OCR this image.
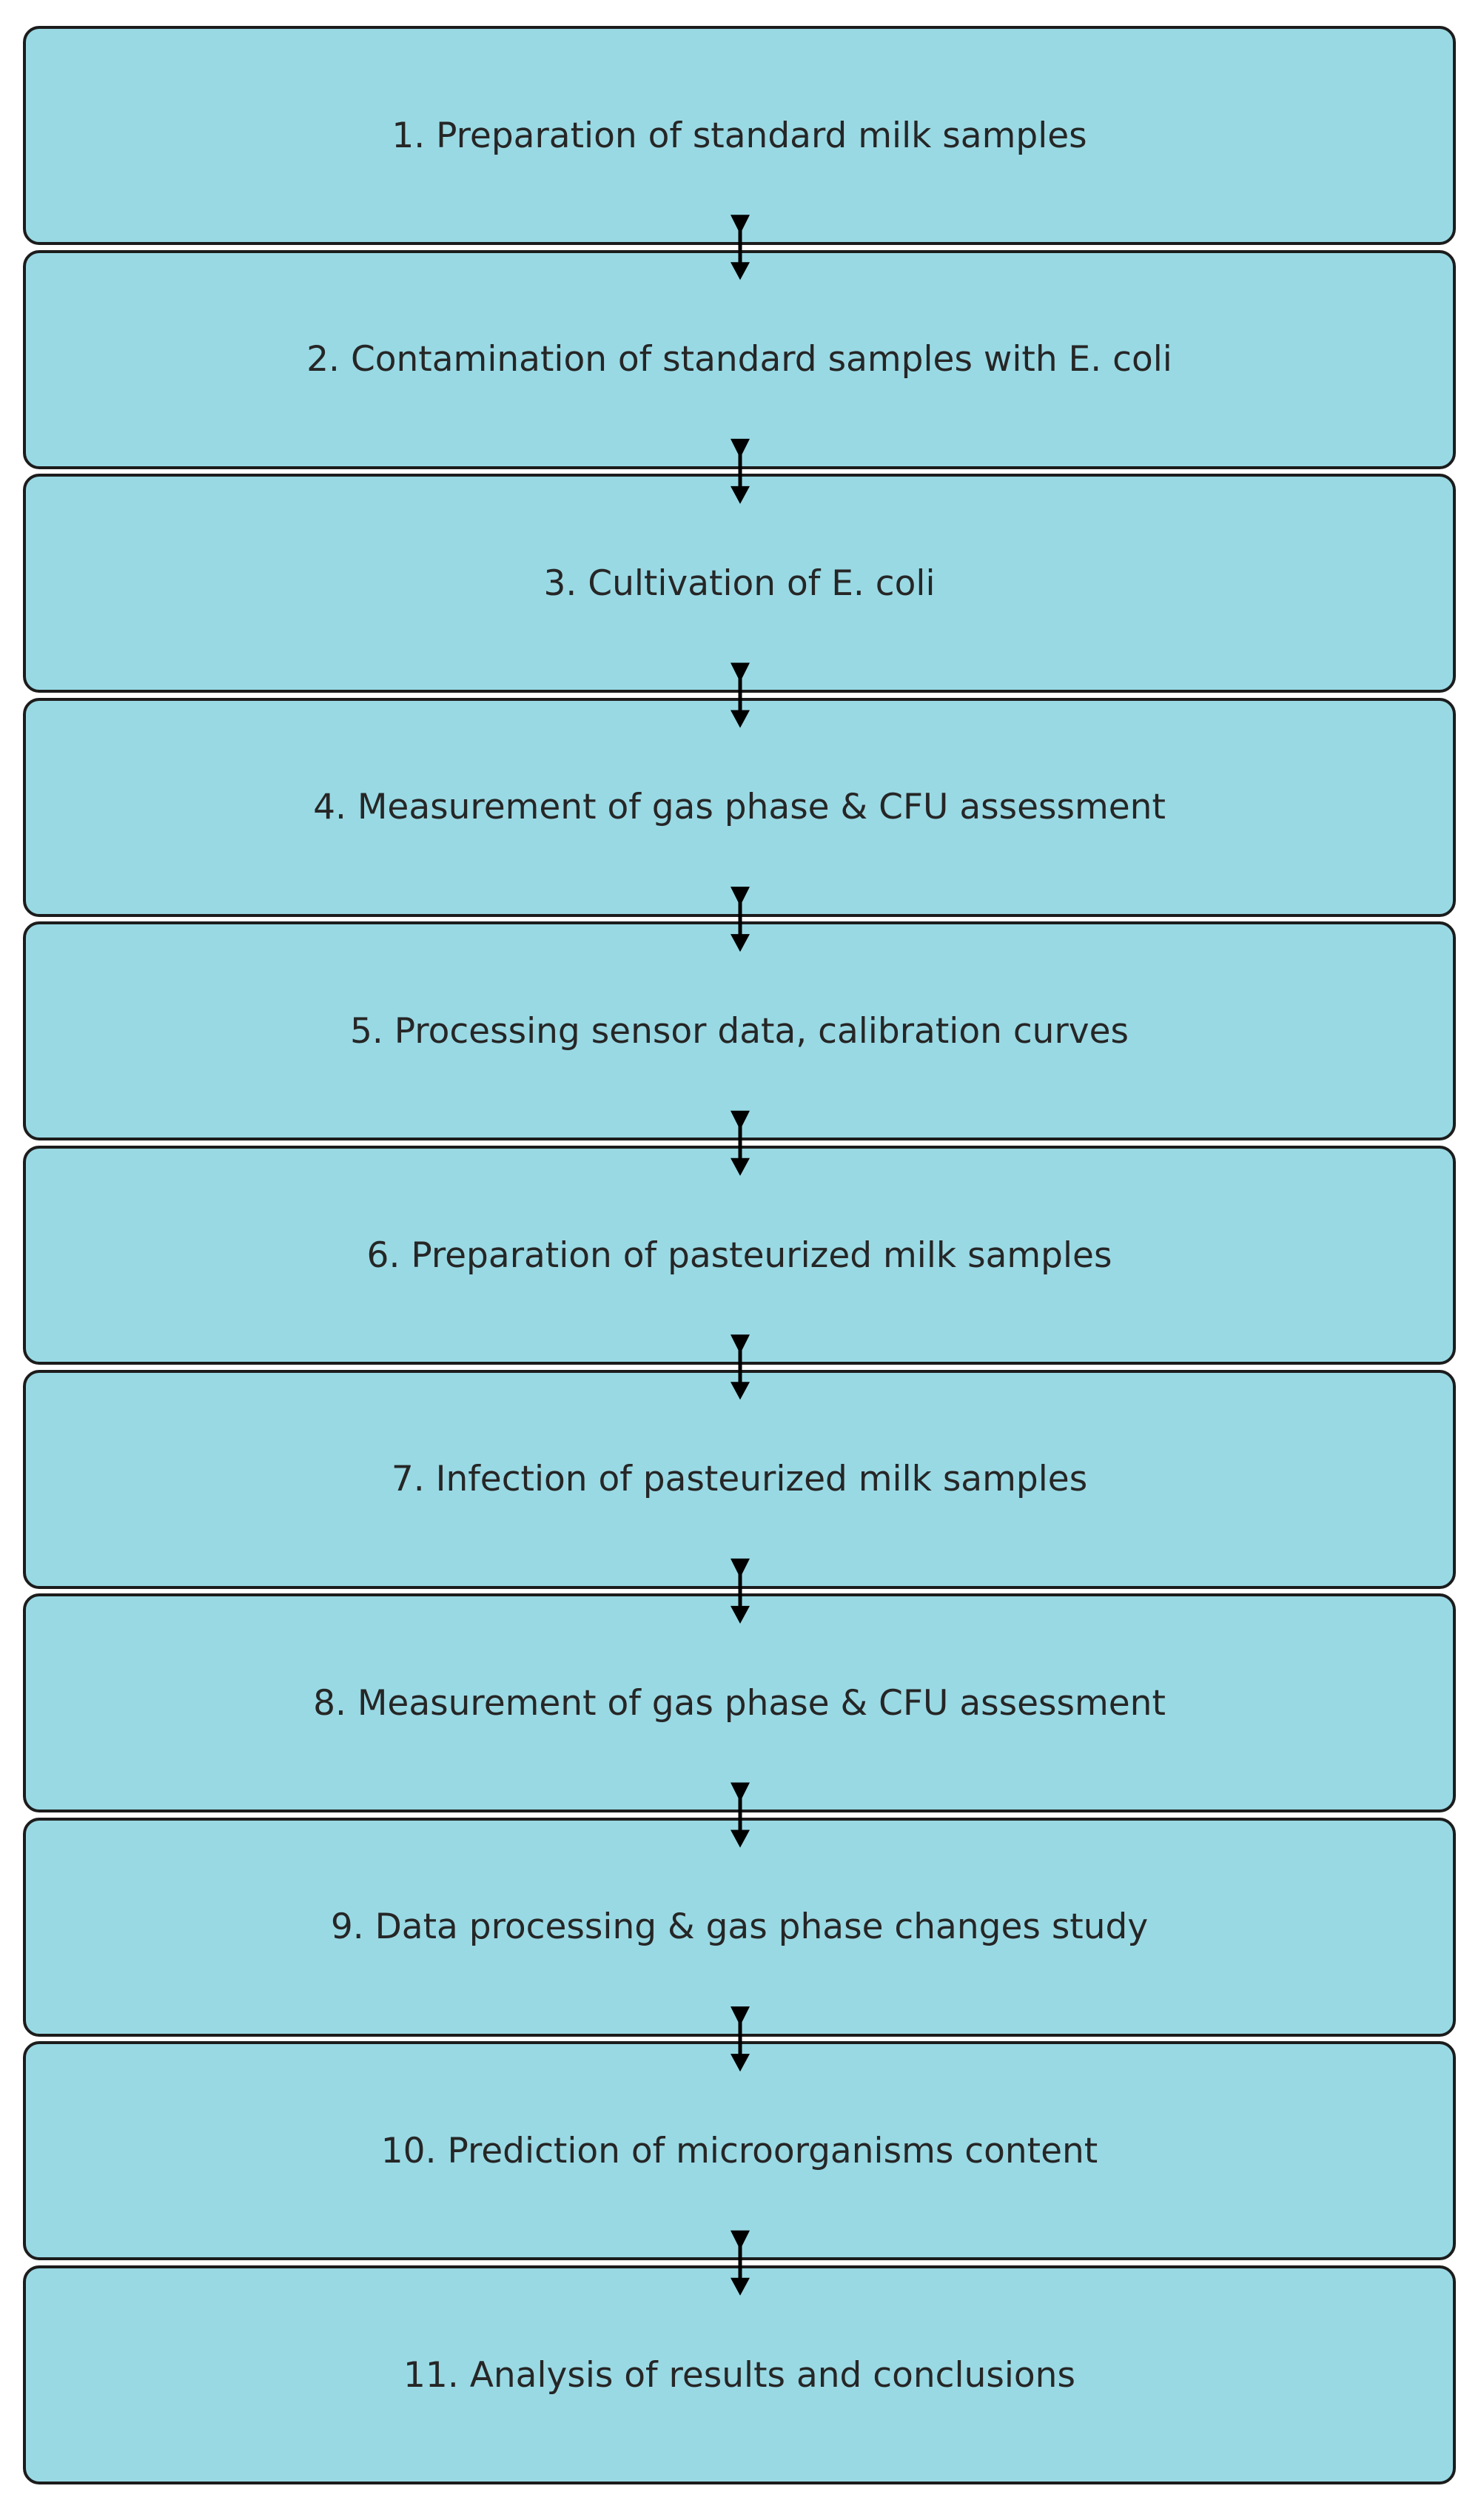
1. Preparation of standard milk samples
2. Contamination of standard samples with E. coli
3. Cultivation of E. coli
4. Measurement of gas phase & CFU assessment
5. Processing sensor data, calibration curves
6. Preparation of pasteurized milk samples
7. Infection of pasteurized milk samples
8. Measurement of gas phase & CFU assessment
9. Data processing & gas phase changes study
10. Prediction of microorganisms content
11. Analysis of results and conclusions
